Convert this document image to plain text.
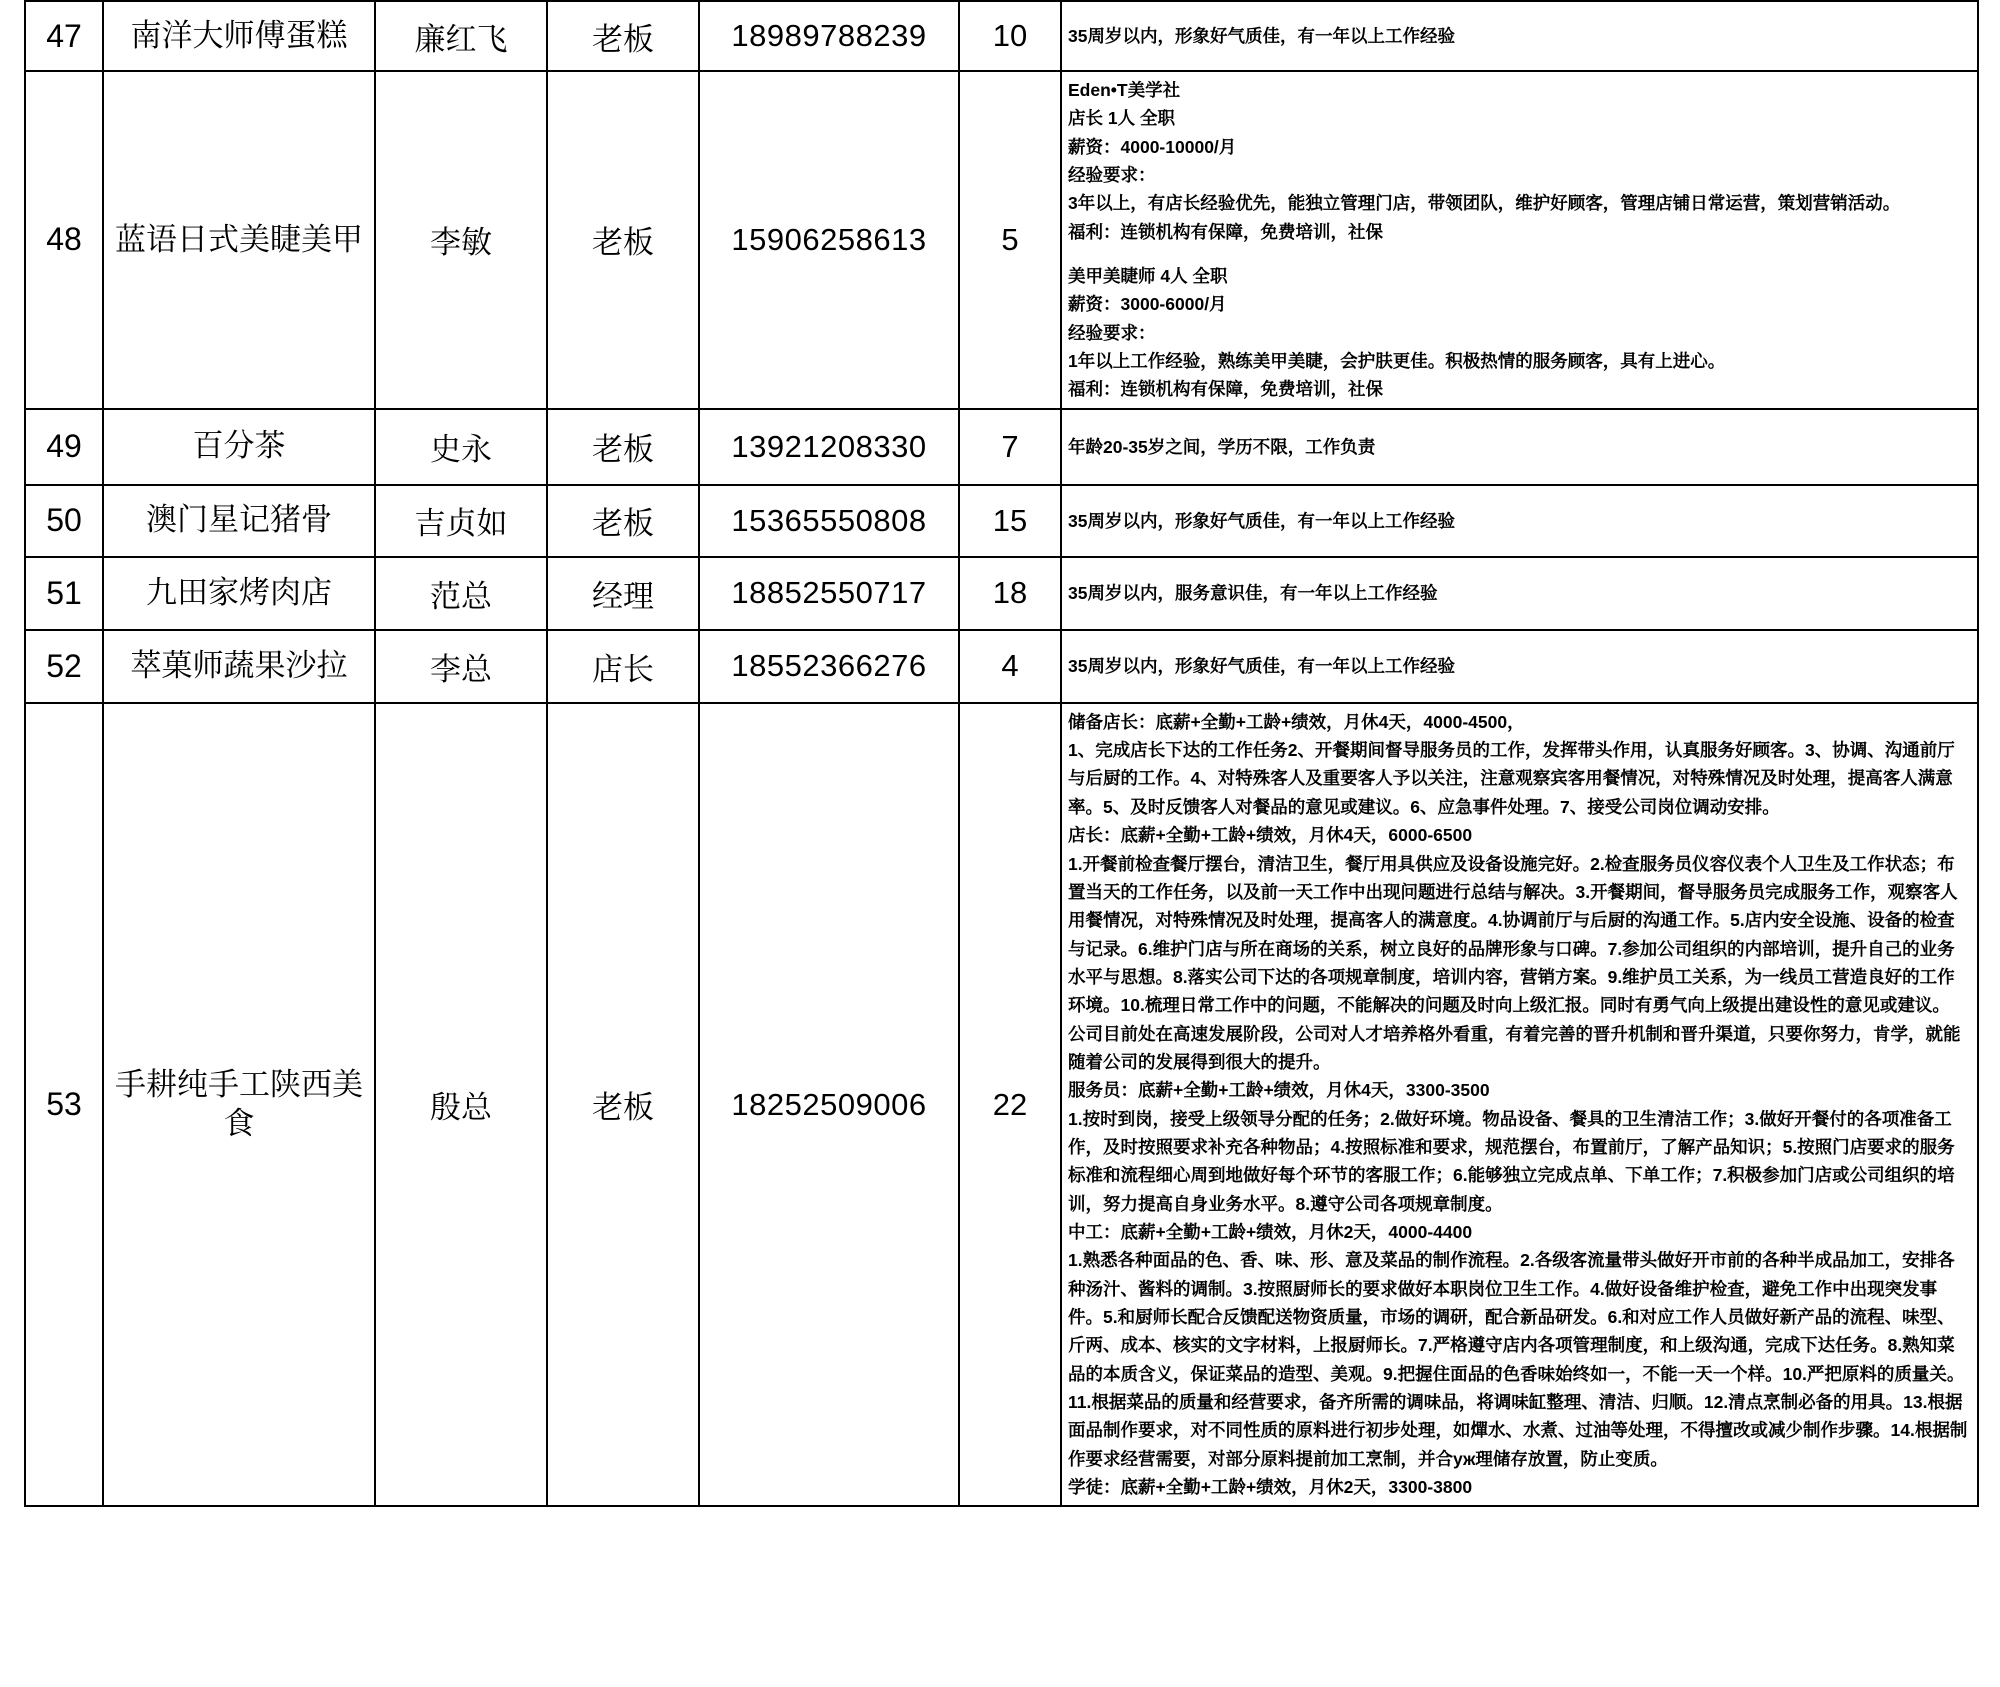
47	南洋大师傅蛋糕	廉红飞	老板	18989788239	10	35周岁以内，形象好气质佳，有一年以上工作经验

48	蓝语日式美睫美甲	李敏	老板	15906258613	5	
Eden•T美学社
店长 1人 全职
薪资：4000-10000/月
经验要求：
3年以上，有店长经验优先，能独立管理门店，带领团队，维护好顾客，管理店铺日常运营，策划营销活动。
福利：连锁机构有保障，免费培训，社保
美甲美睫师 4人 全职
薪资：3000-6000/月
经验要求：
1年以上工作经验，熟练美甲美睫，会护肤更佳。积极热情的服务顾客，具有上进心。
福利：连锁机构有保障，免费培训，社保

49	百分茶	史永	老板	13921208330	7	年龄20-35岁之间，学历不限，工作负责

50	澳门星记猪骨	吉贞如	老板	15365550808	15	35周岁以内，形象好气质佳，有一年以上工作经验

51	九田家烤肉店	范总	经理	18852550717	18	35周岁以内，服务意识佳，有一年以上工作经验

52	萃菓师蔬果沙拉	李总	店长	18552366276	4	35周岁以内，形象好气质佳，有一年以上工作经验

53	手耕纯手工陕西美食	殷总	老板	18252509006	22	
储备店长：底薪+全勤+工龄+绩效，月休4天，4000-4500，
1、完成店长下达的工作任务2、开餐期间督导服务员的工作，发挥带头作用，认真服务好顾客。3、协调、沟通前厅与后厨的工作。4、对特殊客人及重要客人予以关注，注意观察宾客用餐情况，对特殊情况及时处理，提高客人满意率。5、及时反馈客人对餐品的意见或建议。6、应急事件处理。7、接受公司岗位调动安排。
店长：底薪+全勤+工龄+绩效，月休4天，6000-6500
1.开餐前检查餐厅摆台，清洁卫生，餐厅用具供应及设备设施完好。2.检查服务员仪容仪表个人卫生及工作状态；布置当天的工作任务，以及前一天工作中出现问题进行总结与解决。3.开餐期间，督导服务员完成服务工作，观察客人用餐情况，对特殊情况及时处理，提高客人的满意度。4.协调前厅与后厨的沟通工作。5.店内安全设施、设备的检查与记录。6.维护门店与所在商场的关系，树立良好的品牌形象与口碑。7.参加公司组织的内部培训，提升自己的业务水平与思想。8.落实公司下达的各项规章制度，培训内容，营销方案。9.维护员工关系，为一线员工营造良好的工作环境。10.梳理日常工作中的问题，不能解决的问题及时向上级汇报。同时有勇气向上级提出建设性的意见或建议。
公司目前处在高速发展阶段，公司对人才培养格外看重，有着完善的晋升机制和晋升渠道，只要你努力，肯学，就能随着公司的发展得到很大的提升。
服务员：底薪+全勤+工龄+绩效，月休4天，3300-3500
1.按时到岗，接受上级领导分配的任务；2.做好环境。物品设备、餐具的卫生清洁工作；3.做好开餐付的各项准备工作，及时按照要求补充各种物品；4.按照标准和要求，规范摆台，布置前厅，了解产品知识；5.按照门店要求的服务标准和流程细心周到地做好每个环节的客服工作；6.能够独立完成点单、下单工作；7.积极参加门店或公司组织的培训，努力提高自身业务水平。8.遵守公司各项规章制度。
中工：底薪+全勤+工龄+绩效，月休2天，4000-4400
1.熟悉各种面品的色、香、味、形、意及菜品的制作流程。2.各级客流量带头做好开市前的各种半成品加工，安排各种汤汁、酱料的调制。3.按照厨师长的要求做好本职岗位卫生工作。4.做好设备维护检查，避免工作中出现突发事件。5.和厨师长配合反馈配送物资质量，市场的调研，配合新品研发。6.和对应工作人员做好新产品的流程、味型、斤两、成本、核实的文字材料，上报厨师长。7.严格遵守店内各项管理制度，和上级沟通，完成下达任务。8.熟知菜品的本质含义，保证菜品的造型、美观。9.把握住面品的色香味始终如一，不能一天一个样。10.严把原料的质量关。11.根据菜品的质量和经营要求，备齐所需的调味品，将调味缸整理、清洁、归顺。12.清点烹制必备的用具。13.根据面品制作要求，对不同性质的原料进行初步处理，如燀水、水煮、过油等处理，不得擅改或减少制作步骤。14.根据制作要求经营需要，对部分原料提前加工烹制，并合уж理储存放置，防止变质。
学徒：底薪+全勤+工龄+绩效，月休2天，3300-3800
